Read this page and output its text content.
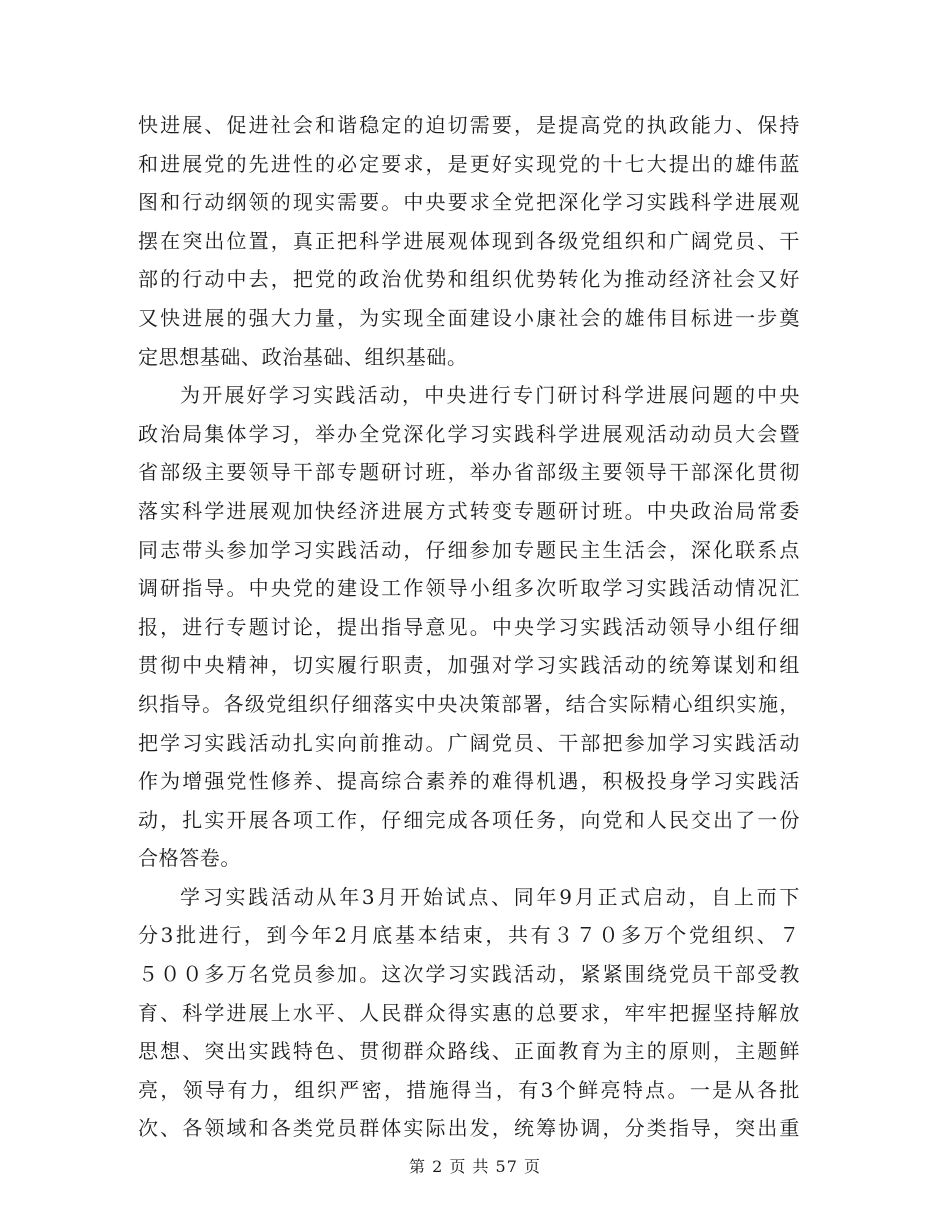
快进展、促进社会和谐稳定的迫切需要，是提高党的执政能力、保持
和进展党的先进性的必定要求，是更好实现党的十七大提出的雄伟蓝
图和行动纲领的现实需要。中央要求全党把深化学习实践科学进展观
摆在突出位置，真正把科学进展观体现到各级党组织和广阔党员、干
部的行动中去，把党的政治优势和组织优势转化为推动经济社会又好
又快进展的强大力量，为实现全面建设小康社会的雄伟目标进一步奠
定思想基础、政治基础、组织基础。
为开展好学习实践活动，中央进行专门研讨科学进展问题的中央
政治局集体学习，举办全党深化学习实践科学进展观活动动员大会暨
省部级主要领导干部专题研讨班，举办省部级主要领导干部深化贯彻
落实科学进展观加快经济进展方式转变专题研讨班。中央政治局常委
同志带头参加学习实践活动，仔细参加专题民主生活会，深化联系点
调研指导。中央党的建设工作领导小组多次听取学习实践活动情况汇
报，进行专题讨论，提出指导意见。中央学习实践活动领导小组仔细
贯彻中央精神，切实履行职责，加强对学习实践活动的统筹谋划和组
织指导。各级党组织仔细落实中央决策部署，结合实际精心组织实施，
把学习实践活动扎实向前推动。广阔党员、干部把参加学习实践活动
作为增强党性修养、提高综合素养的难得机遇，积极投身学习实践活
动，扎实开展各项工作，仔细完成各项任务，向党和人民交出了一份
合格答卷。
学习实践活动从年3月开始试点、同年9月正式启动，自上而下
分3批进行，到今年2月底基本结束，共有３７０多万个党组织、７
５００多万名党员参加。这次学习实践活动，紧紧围绕党员干部受教
育、科学进展上水平、人民群众得实惠的总要求，牢牢把握坚持解放
思想、突出实践特色、贯彻群众路线、正面教育为主的原则，主题鲜
亮，领导有力，组织严密，措施得当，有3个鲜亮特点。一是从各批
次、各领域和各类党员群体实际出发，统筹协调，分类指导，突出重
第 2 页 共 57 页
